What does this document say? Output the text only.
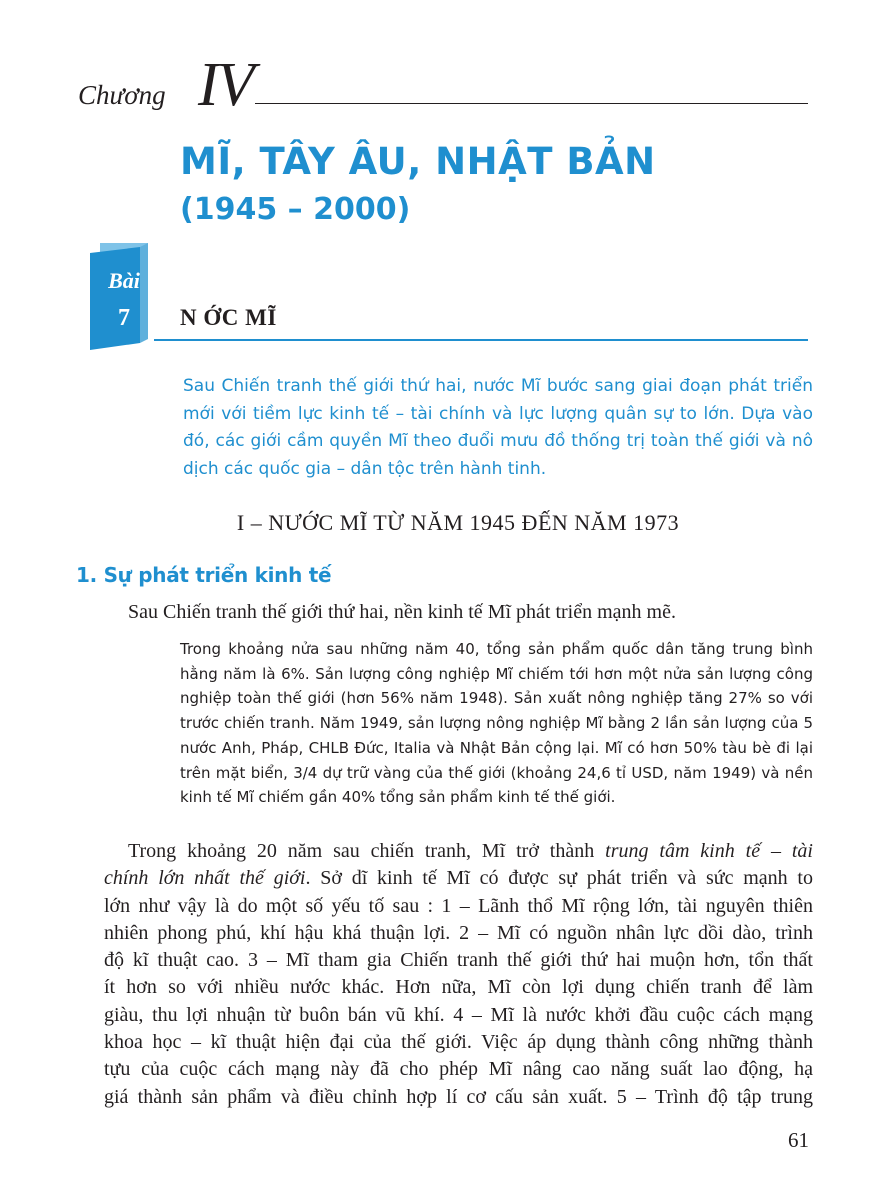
Chương IV
MĨ, TÂY ÂU, NHẬT BẢN
(1945 – 2000)
Bài
7	N ỚC MĨ
Sau Chiến tranh thế giới thứ hai, nước Mĩ bước sang giai đoạn phát triển mới với tiềm lực kinh tế – tài chính và lực lượng quân sự to lớn. Dựa vào đó, các giới cầm quyền Mĩ theo đuổi mưu đồ thống trị toàn thế giới và nô dịch các quốc gia – dân tộc trên hành tinh.
I – NƯỚC MĨ TỪ NĂM 1945 ĐẾN NĂM 1973
1. Sự phát triển kinh tế
Sau Chiến tranh thế giới thứ hai, nền kinh tế Mĩ phát triển mạnh mẽ.
Trong khoảng nửa sau những năm 40, tổng sản phẩm quốc dân tăng trung bình hằng năm là 6%. Sản lượng công nghiệp Mĩ chiếm tới hơn một nửa sản lượng công nghiệp toàn thế giới (hơn 56% năm 1948). Sản xuất nông nghiệp tăng 27% so với trước chiến tranh. Năm 1949, sản lượng nông nghiệp Mĩ bằng 2 lần sản lượng của 5 nước Anh, Pháp, CHLB Đức, Italia và Nhật Bản cộng lại. Mĩ có hơn 50% tàu bè đi lại trên mặt biển, 3/4 dự trữ vàng của thế giới (khoảng 24,6 tỉ USD, năm 1949) và nền kinh tế Mĩ chiếm gần 40% tổng sản phẩm kinh tế thế giới.
Trong khoảng 20 năm sau chiến tranh, Mĩ trở thành trung tâm kinh tế – tài
chính lớn nhất thế giới. Sở dĩ kinh tế Mĩ có được sự phát triển và sức mạnh to
lớn như vậy là do một số yếu tố sau : 1 – Lãnh thổ Mĩ rộng lớn, tài nguyên thiên
nhiên phong phú, khí hậu khá thuận lợi. 2 – Mĩ có nguồn nhân lực dồi dào, trình
độ kĩ thuật cao. 3 – Mĩ tham gia Chiến tranh thế giới thứ hai muộn hơn, tổn thất
ít hơn so với nhiều nước khác. Hơn nữa, Mĩ còn lợi dụng chiến tranh để làm
giàu, thu lợi nhuận từ buôn bán vũ khí. 4 – Mĩ là nước khởi đầu cuộc cách mạng
khoa học – kĩ thuật hiện đại của thế giới. Việc áp dụng thành công những thành
tựu của cuộc cách mạng này đã cho phép Mĩ nâng cao năng suất lao động, hạ
giá thành sản phẩm và điều chỉnh hợp lí cơ cấu sản xuất. 5 – Trình độ tập trung
61
